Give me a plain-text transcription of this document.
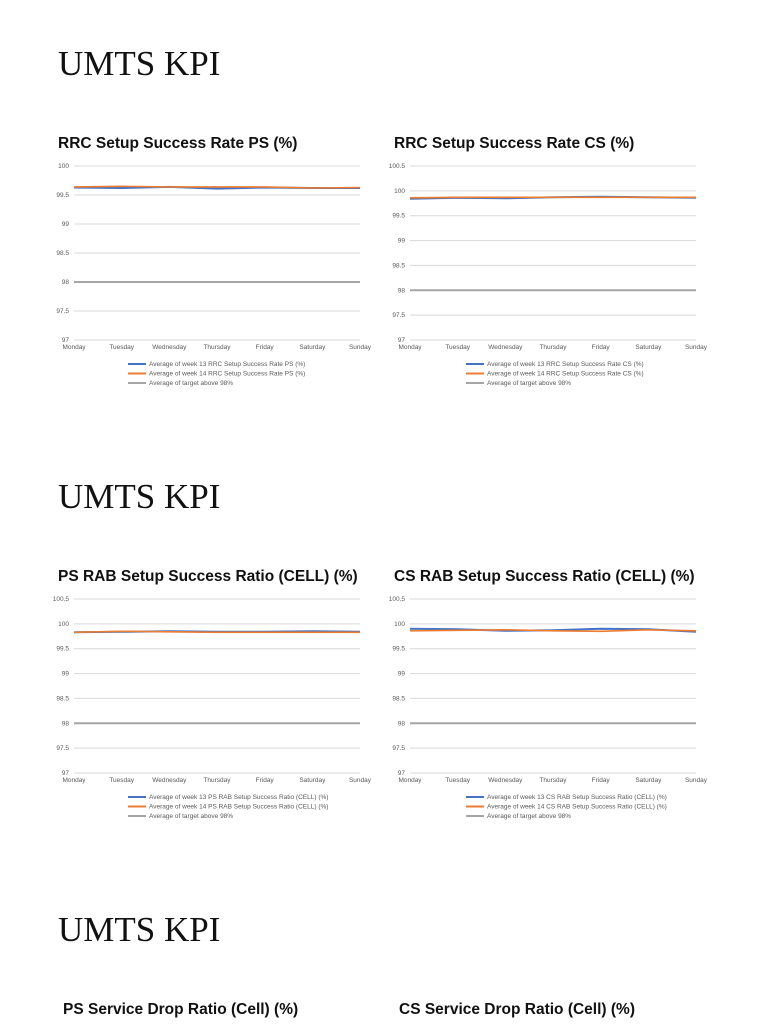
UMTS KPI
RRC Setup Success Rate PS (%)
97
97.5
98
98.5
99
99.5
100
Monday	Tuesday	Wednesday	Thursday	Friday	Saturday	Sunday
Average of week 13 RRC Setup Success Rate PS (%)
Average of week 14 RRC Setup Success Rate PS (%)
Average of target above 98%
RRC Setup Success Rate CS (%)
97
97.5
98
98.5
99
99.5
100
100.5
Monday	Tuesday	Wednesday	Thursday	Friday	Saturday	Sunday
Average of week 13 RRC Setup Success Rate CS (%)
Average of week 14 RRC Setup Success Rate CS (%)
Average of target above 98%
UMTS KPI
PS RAB Setup Success Ratio (CELL) (%)
97
97.5
98
98.5
99
99.5
100
100.5
Monday	Tuesday	Wednesday	Thursday	Friday	Saturday	Sunday
Average of week 13 PS RAB Setup Success Ratio (CELL) (%)
Average of week 14 PS RAB Setup Success Ratio (CELL) (%)
Average of target above 98%
CS RAB Setup Success Ratio (CELL) (%)
97
97.5
98
98.5
99
99.5
100
100.5
Monday	Tuesday	Wednesday	Thursday	Friday	Saturday	Sunday
Average of week 13 CS RAB Setup Success Ratio (CELL) (%)
Average of week 14 CS RAB Setup Success Ratio (CELL) (%)
Average of target above 98%
UMTS KPI
PS Service Drop Ratio (Cell) (%)	CS Service Drop Ratio (Cell) (%)
